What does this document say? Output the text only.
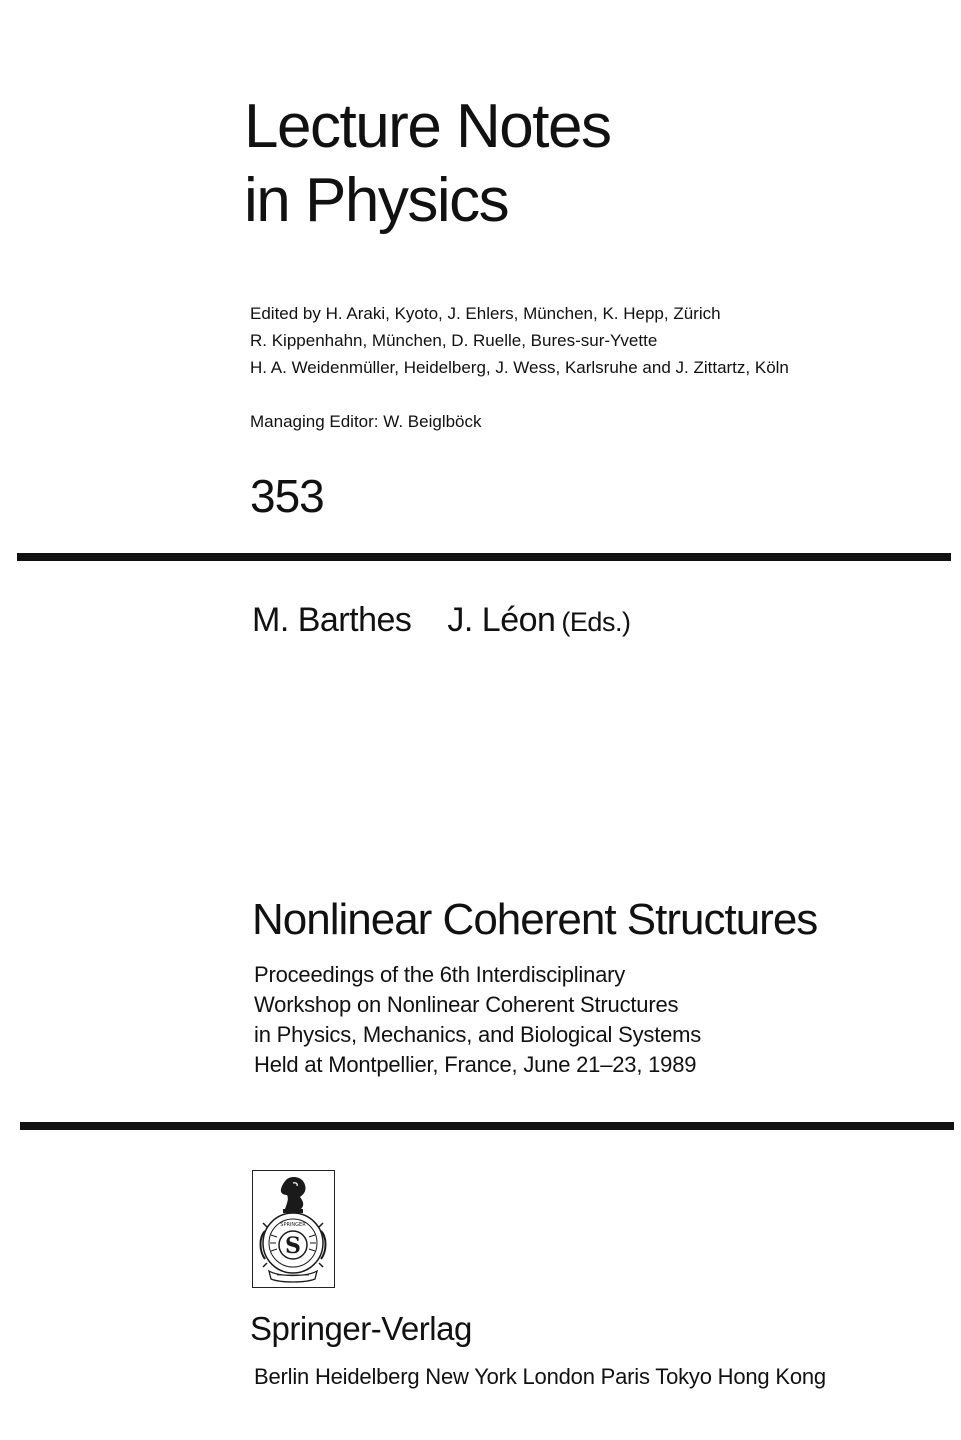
Lecture Notes
in Physics
Edited by H. Araki, Kyoto, J. Ehlers, München, K. Hepp, Zürich
R. Kippenhahn, München, D. Ruelle, Bures-sur-Yvette
H. A. Weidenmüller, Heidelberg, J. Wess, Karlsruhe and J. Zittartz, Köln
Managing Editor: W. Beiglböck
353
M. Barthes J. Léon (Eds.)
Nonlinear Coherent Structures
Proceedings of the 6th Interdisciplinary
Workshop on Nonlinear Coherent Structures
in Physics, Mechanics, and Biological Systems
Held at Montpellier, France, June 21–23, 1989
S
SPRINGER
Springer-Verlag
Berlin Heidelberg New York London Paris Tokyo Hong Kong
